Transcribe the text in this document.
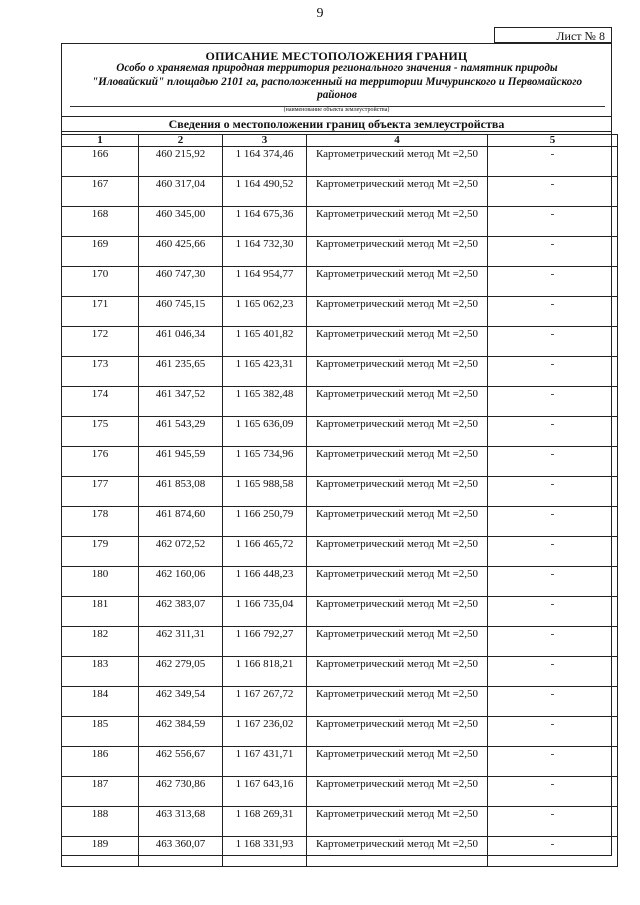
9
Лист № 8
ОПИСАНИЕ МЕСТОПОЛОЖЕНИЯ ГРАНИЦ
Особо о храняемая природная территория регионального значения - памятник природы "Иловайский" площадью 2101 га, расположенный на территории Мичуринского и Первомайского районов
(наименование объекта землеустройства)
Сведения о местоположении границ объекта землеустройства
1	2	3	4	5
166	460 215,92	1 164 374,46	Картометрический метод Mt =2,50	-
167	460 317,04	1 164 490,52	Картометрический метод Mt =2,50	-
168	460 345,00	1 164 675,36	Картометрический метод Mt =2,50	-
169	460 425,66	1 164 732,30	Картометрический метод Mt =2,50	-
170	460 747,30	1 164 954,77	Картометрический метод Mt =2,50	-
171	460 745,15	1 165 062,23	Картометрический метод Mt =2,50	-
172	461 046,34	1 165 401,82	Картометрический метод Mt =2,50	-
173	461 235,65	1 165 423,31	Картометрический метод Mt =2,50	-
174	461 347,52	1 165 382,48	Картометрический метод Mt =2,50	-
175	461 543,29	1 165 636,09	Картометрический метод Mt =2,50	-
176	461 945,59	1 165 734,96	Картометрический метод Mt =2,50	-
177	461 853,08	1 165 988,58	Картометрический метод Mt =2,50	-
178	461 874,60	1 166 250,79	Картометрический метод Mt =2,50	-
179	462 072,52	1 166 465,72	Картометрический метод Mt =2,50	-
180	462 160,06	1 166 448,23	Картометрический метод Mt =2,50	-
181	462 383,07	1 166 735,04	Картометрический метод Mt =2,50	-
182	462 311,31	1 166 792,27	Картометрический метод Mt =2,50	-
183	462 279,05	1 166 818,21	Картометрический метод Mt =2,50	-
184	462 349,54	1 167 267,72	Картометрический метод Mt =2,50	-
185	462 384,59	1 167 236,02	Картометрический метод Mt =2,50	-
186	462 556,67	1 167 431,71	Картометрический метод Mt =2,50	-
187	462 730,86	1 167 643,16	Картометрический метод Mt =2,50	-
188	463 313,68	1 168 269,31	Картометрический метод Mt =2,50	-
189	463 360,07	1 168 331,93	Картометрический метод Mt =2,50	-
